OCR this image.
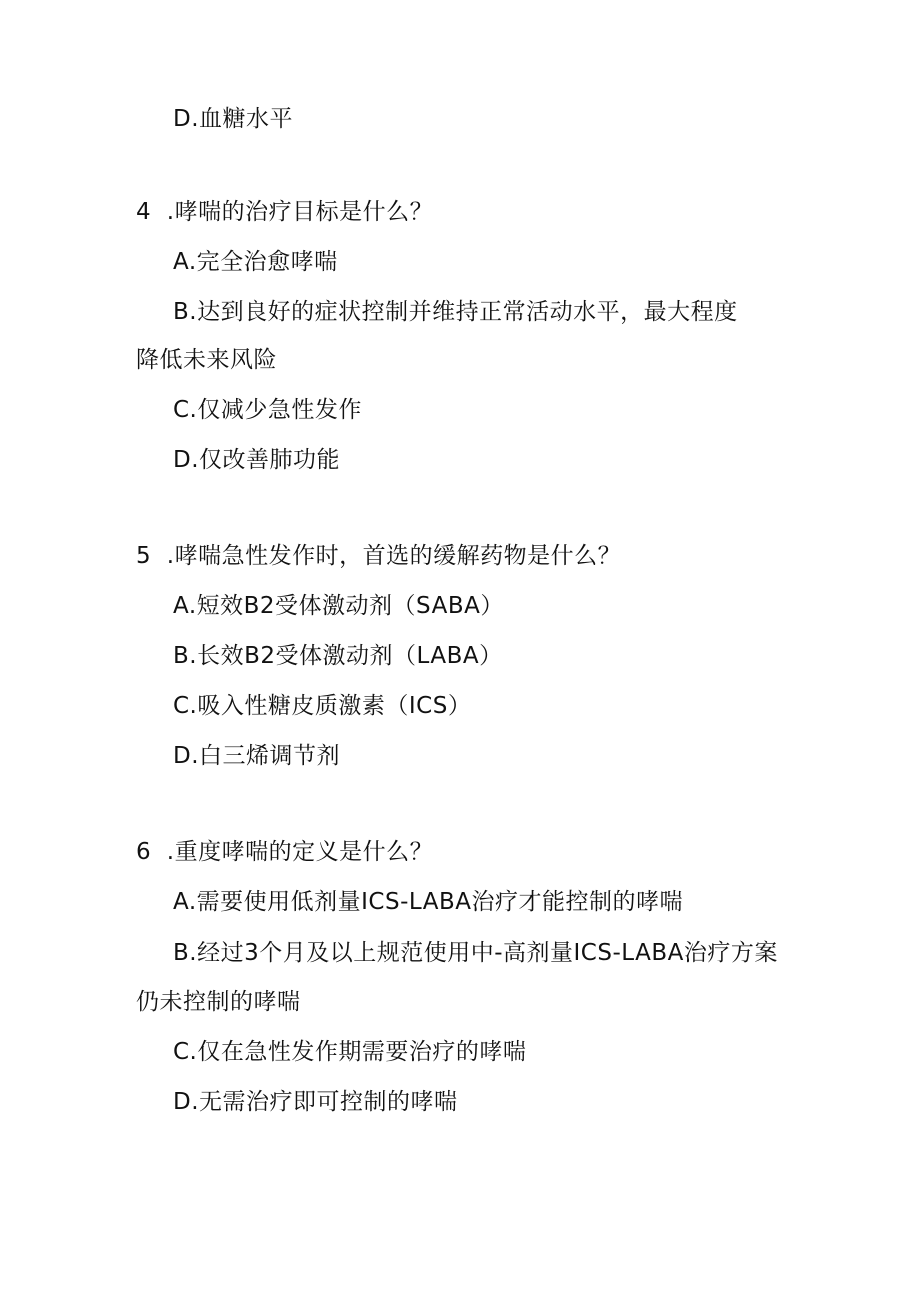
D.血糖水平
4  .哮喘的治疗目标是什么？
A.完全治愈哮喘
B.达到良好的症状控制并维持正常活动水平，最大程度
降低未来风险
C.仅减少急性发作
D.仅改善肺功能
5  .哮喘急性发作时，首选的缓解药物是什么？
A.短效B2受体激动剂（SABA）
B.长效B2受体激动剂（LABA）
C.吸入性糖皮质激素（ICS）
D.白三烯调节剂
6  .重度哮喘的定义是什么？
A.需要使用低剂量ICS-LABA治疗才能控制的哮喘
B.经过3个月及以上规范使用中-高剂量ICS-LABA治疗方案
仍未控制的哮喘
C.仅在急性发作期需要治疗的哮喘
D.无需治疗即可控制的哮喘
